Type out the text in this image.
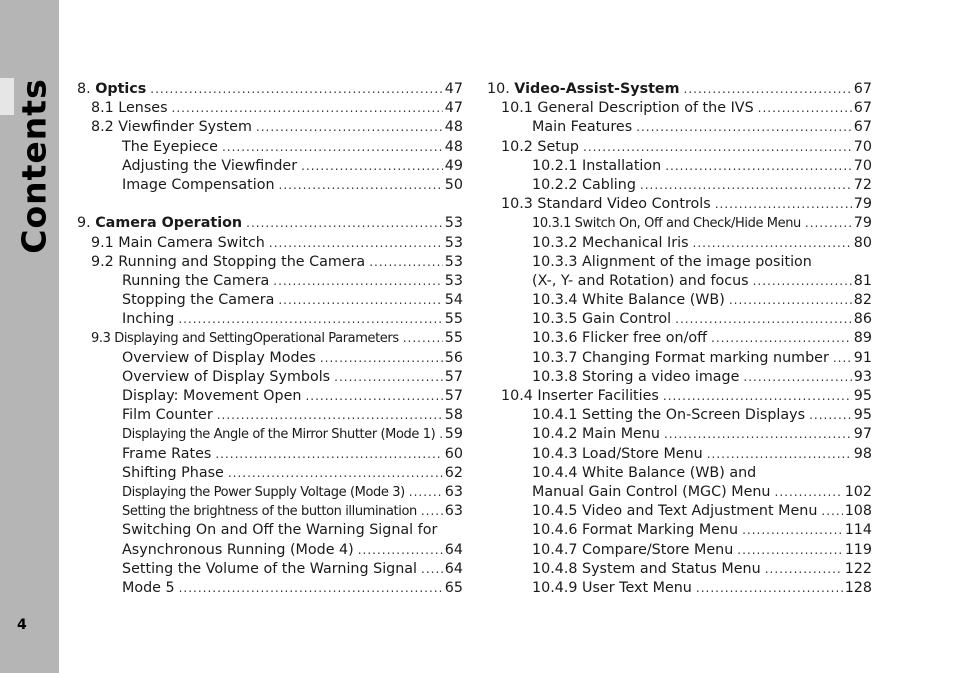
Contents
4
8. Optics .....	47
8.1 Lenses .....	47
8.2 Viewfinder System .....	48
The Eyepiece .....	48
Adjusting the Viewfinder .....	49
Image Compensation .....	50
9. Camera Operation .....	53
9.1 Main Camera Switch .....	53
9.2 Running and Stopping the Camera .....	53
Running the Camera .....	53
Stopping the Camera .....	54
Inching .....	55
9.3 Displaying and SettingOperational Parameters .....	55
Overview of Display Modes .....	56
Overview of Display Symbols .....	57
Display: Movement Open .....	57
Film Counter .....	58
Displaying the Angle of the Mirror Shutter (Mode 1) ..... 59
Frame Rates .....	60
Shifting Phase .....	62
Displaying the Power Supply Voltage (Mode 3) .....	63
Setting the brightness of the button illumination ..... 63
Switching On and Off the Warning Signal for
Asynchronous Running (Mode 4) .....	64
Setting the Volume of the Warning Signal ..... 64
Mode 5 .....	65
10. Video-Assist-System .....	67
10.1 General Description of the IVS .....	67
Main Features .....	67
10.2 Setup .....	70
10.2.1 Installation .....	70
10.2.2 Cabling .....	72
10.3 Standard Video Controls .....	79
10.3.1 Switch On, Off and Check/Hide Menu .....	79
10.3.2 Mechanical Iris .....	80
10.3.3 Alignment of the image position
(X-, Y- and Rotation) and focus .....	81
10.3.4 White Balance (WB) .....	82
10.3.5 Gain Control .....	86
10.3.6 Flicker free on/off .....	89
10.3.7 Changing Format marking number ..... 91
10.3.8 Storing a video image .....	93
10.4 Inserter Facilities .....	95
10.4.1 Setting the On-Screen Displays .....	95
10.4.2 Main Menu .....	97
10.4.3 Load/Store Menu .....	98
10.4.4 White Balance (WB) and
Manual Gain Control (MGC) Menu .....	102
10.4.5 Video and Text Adjustment Menu ..... 108
10.4.6 Format Marking Menu .....	114
10.4.7 Compare/Store Menu .....	119
10.4.8 System and Status Menu .....	122
10.4.9 User Text Menu .....	128
